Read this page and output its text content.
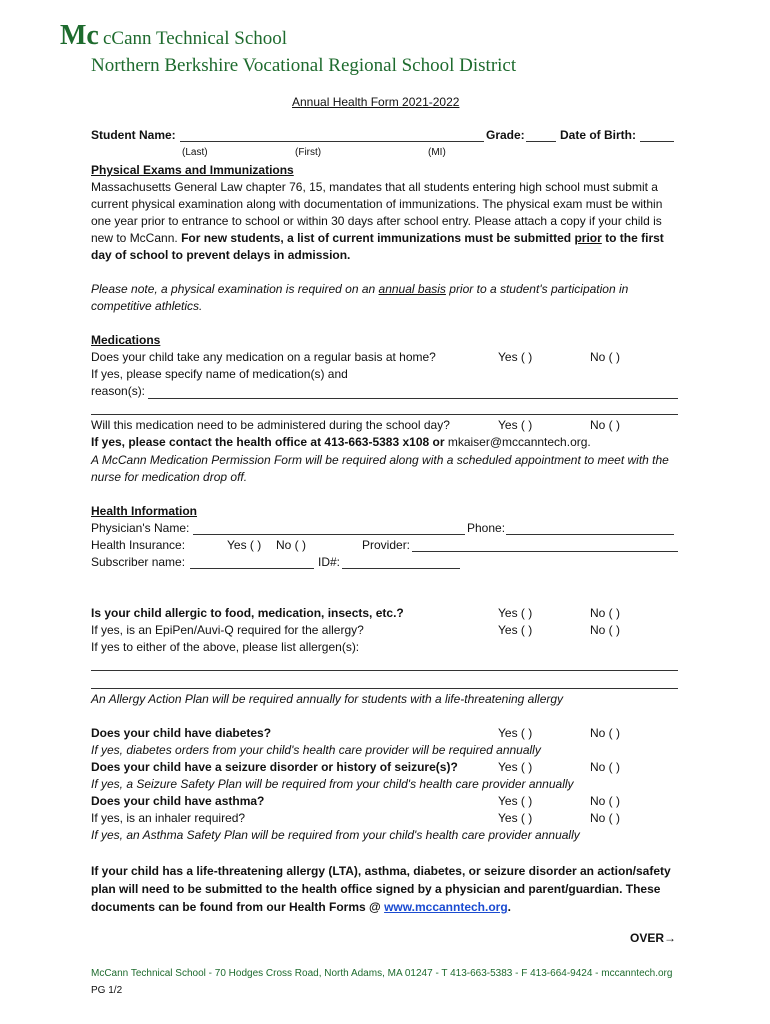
Mc cCann Technical School
Northern Berkshire Vocational Regional School District
Annual Health Form 2021-2022
Student Name:	Grade:	Date of Birth:
(Last)	(First)	(MI)
Physical Exams and Immunizations
Massachusetts General Law chapter 76, 15, mandates that all students entering high school must submit a current physical examination along with documentation of immunizations. The physical exam must be within one year prior to entrance to school or within 30 days after school entry. Please attach a copy if your child is new to McCann. For new students, a list of current immunizations must be submitted prior to the first day of school to prevent delays in admission.
Please note, a physical examination is required on an annual basis prior to a student's participation in competitive athletics.
Medications
Does your child take any medication on a regular basis at home?	Yes ( )	No ( )
If yes, please specify name of medication(s) and
reason(s):
Will this medication need to be administered during the school day?	Yes ( )	No ( )
If yes, please contact the health office at 413-663-5383 x108 or mkaiser@mccanntech.org.
A McCann Medication Permission Form will be required along with a scheduled appointment to meet with the nurse for medication drop off.
Health Information
Physician's Name:	Phone:
Health Insurance:	Yes ( ) No ( )	Provider:
Subscriber name:	ID#:
Is your child allergic to food, medication, insects, etc.?	Yes ( )	No ( )
If yes, is an EpiPen/Auvi-Q required for the allergy?	Yes ( )	No ( )
If yes to either of the above, please list allergen(s):
An Allergy Action Plan will be required annually for students with a life-threatening allergy
Does your child have diabetes?	Yes ( )	No ( )
If yes, diabetes orders from your child's health care provider will be required annually
Does your child have a seizure disorder or history of seizure(s)?	Yes ( )	No ( )
If yes, a Seizure Safety Plan will be required from your child's health care provider annually
Does your child have asthma?	Yes ( )	No ( )
If yes, is an inhaler required?	Yes ( )	No ( )
If yes, an Asthma Safety Plan will be required from your child's health care provider annually
If your child has a life-threatening allergy (LTA), asthma, diabetes, or seizure disorder an action/safety plan will need to be submitted to the health office signed by a physician and parent/guardian. These documents can be found from our Health Forms @ www.mccanntech.org.
OVER→
McCann Technical School - 70 Hodges Cross Road, North Adams, MA 01247 - T 413-663-5383 - F 413-664-9424 - mccanntech.org
PG 1/2
